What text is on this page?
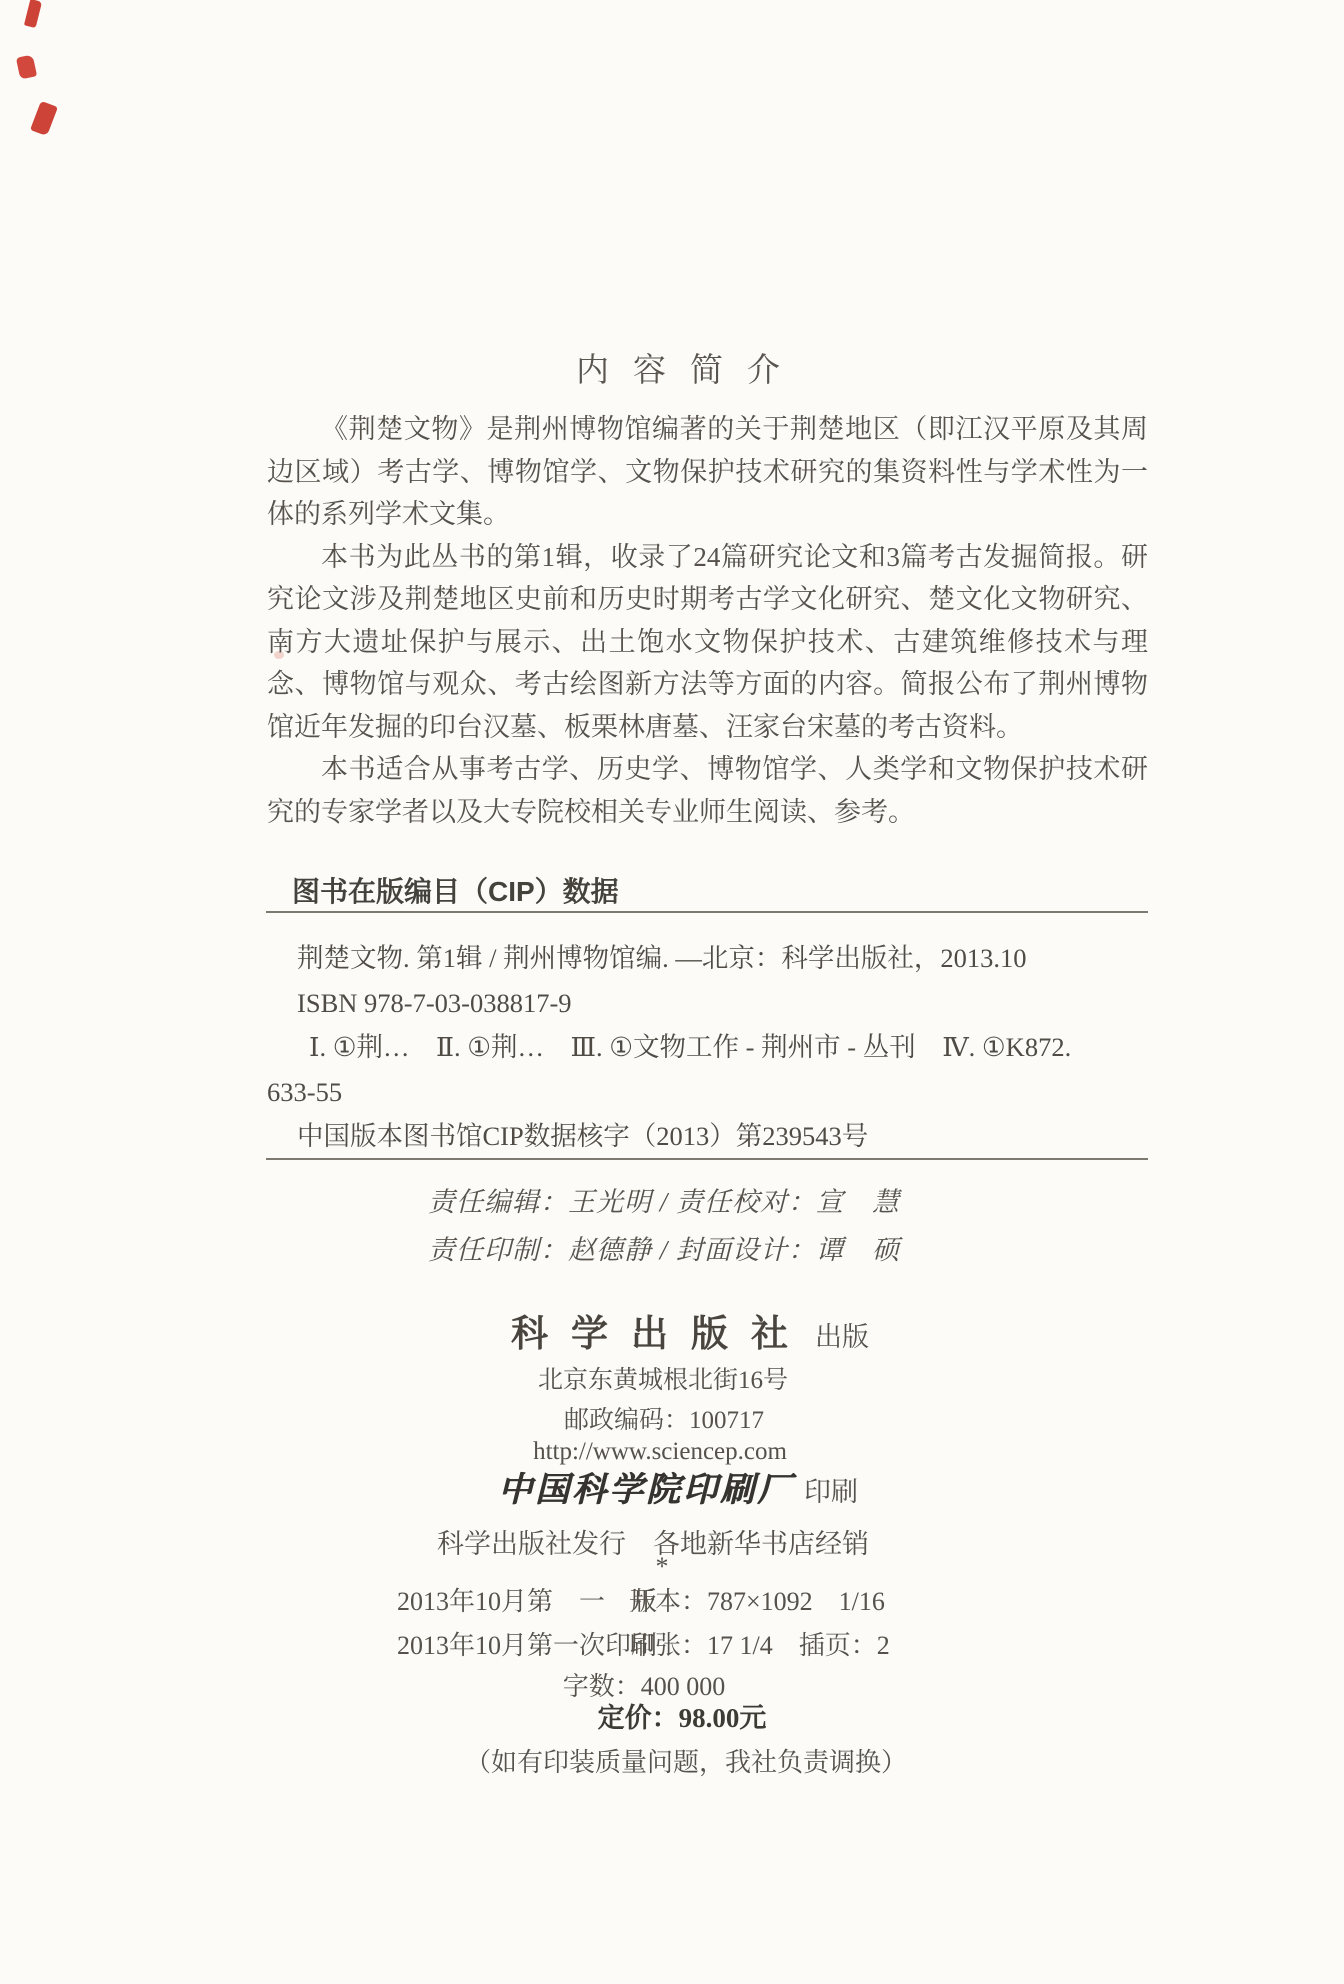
内容简介
《荆楚文物》是荆州博物馆编著的关于荆楚地区（即江汉平原及其周
边区域）考古学、博物馆学、文物保护技术研究的集资料性与学术性为一
体的系列学术文集。
本书为此丛书的第1辑，收录了24篇研究论文和3篇考古发掘简报。研
究论文涉及荆楚地区史前和历史时期考古学文化研究、楚文化文物研究、
南方大遗址保护与展示、出土饱水文物保护技术、古建筑维修技术与理
念、博物馆与观众、考古绘图新方法等方面的内容。简报公布了荆州博物
馆近年发掘的印台汉墓、板栗林唐墓、汪家台宋墓的考古资料。
本书适合从事考古学、历史学、博物馆学、人类学和文物保护技术研
究的专家学者以及大专院校相关专业师生阅读、参考。
图书在版编目（CIP）数据
荆楚文物. 第1辑 / 荆州博物馆编. —北京：科学出版社，2013.10
ISBN 978-7-03-038817-9
Ⅰ. ①荆…　Ⅱ. ①荆…　Ⅲ. ①文物工作 - 荆州市 - 丛刊　Ⅳ. ①K872.
633-55
中国版本图书馆CIP数据核字（2013）第239543号
责任编辑：王光明 / 责任校对：宣　慧
责任印制：赵德静 / 封面设计：谭　硕
科学出版社 出版
北京东黄城根北街16号
邮政编码：100717
http://www.sciencep.com
中国科学院印刷厂 印刷
科学出版社发行　各地新华书店经销
*
2013年10月第　一　版
开本：787×1092　1/16
2013年10月第一次印刷
印张：17 1/4　插页：2
字数：400 000
定价：98.00元
（如有印装质量问题，我社负责调换）
